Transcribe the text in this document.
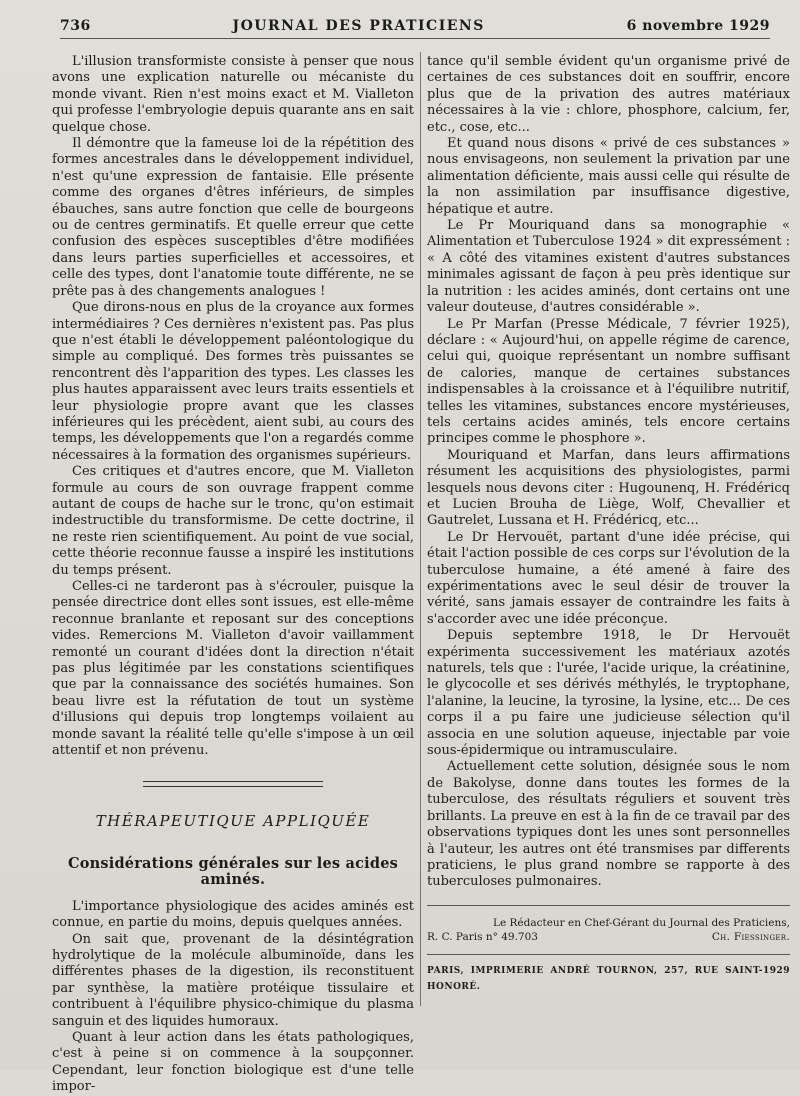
736	JOURNAL DES PRATICIENS	6 novembre 1929

L'illusion transformiste consiste à penser que nous avons une explication naturelle ou mécaniste du monde vivant. Rien n'est moins exact et M. Vialleton qui professe l'embryologie depuis quarante ans en sait quelque chose.

Il démontre que la fameuse loi de la répétition des formes ancestrales dans le développement individuel, n'est qu'une expression de fantaisie. Elle présente comme des organes d'êtres inférieurs, de simples ébauches, sans autre fonction que celle de bourgeons ou de centres germinatifs. Et quelle erreur que cette confusion des espèces susceptibles d'être modifiées dans leurs parties superficielles et accessoires, et celle des types, dont l'anatomie toute différente, ne se prête pas à des changements analogues !

Que dirons-nous en plus de la croyance aux formes intermédiaires ? Ces dernières n'existent pas. Pas plus que n'est établi le développement paléontologique du simple au compliqué. Des formes très puissantes se rencontrent dès l'apparition des types. Les classes les plus hautes apparaissent avec leurs traits essentiels et leur physiologie propre avant que les classes inférieures qui les précèdent, aient subi, au cours des temps, les développements que l'on a regardés comme nécessaires à la formation des organismes supérieurs.

Ces critiques et d'autres encore, que M. Vialleton formule au cours de son ouvrage frappent comme autant de coups de hache sur le tronc, qu'on estimait indestructible du transformisme. De cette doctrine, il ne reste rien scientifiquement. Au point de vue social, cette théorie reconnue fausse a inspiré les institutions du temps présent.

Celles-ci ne tarderont pas à s'écrouler, puisque la pensée directrice dont elles sont issues, est elle-même reconnue branlante et reposant sur des conceptions vides. Remercions M. Vialleton d'avoir vaillamment remonté un courant d'idées dont la direction n'était pas plus légitimée par les constations scientifiques que par la connaissance des sociétés humaines. Son beau livre est la réfutation de tout un système d'illusions qui depuis trop longtemps voilaient au monde savant la réalité telle qu'elle s'impose à un œil attentif et non prévenu.

THÉRAPEUTIQUE APPLIQUÉE
Considérations générales sur les acides aminés.

L'importance physiologique des acides aminés est connue, en partie du moins, depuis quelques années.

On sait que, provenant de la désintégration hydrolytique de la molécule albuminoïde, dans les différentes phases de la digestion, ils reconstituent par synthèse, la matière protéique tissulaire et contribuent à l'équilibre physico-chimique du plasma sanguin et des liquides humoraux.

Quant à leur action dans les états pathologiques, c'est à peine si on commence à la soupçonner. Cependant, leur fonction biologique est d'une telle impor-

tance qu'il semble évident qu'un organisme privé de certaines de ces substances doit en souffrir, encore plus que de la privation des autres matériaux nécessaires à la vie : chlore, phosphore, calcium, fer, etc., cose, etc...

Et quand nous disons « privé de ces substances » nous envisageons, non seulement la privation par une alimentation déficiente, mais aussi celle qui résulte de la non assimilation par insuffisance digestive, hépatique et autre.

Le Pr Mouriquand dans sa monographie « Alimentation et Tuberculose 1924 » dit expressément : « A côté des vitamines existent d'autres substances minimales agissant de façon à peu près identique sur la nutrition : les acides aminés, dont certains ont une valeur douteuse, d'autres considérable ».

Le Pr Marfan (Presse Médicale, 7 février 1925), déclare : « Aujourd'hui, on appelle régime de carence, celui qui, quoique représentant un nombre suffisant de calories, manque de certaines substances indispensables à la croissance et à l'équilibre nutritif, telles les vitamines, substances encore mystérieuses, tels certains acides aminés, tels encore certains principes comme le phosphore ».

Mouriquand et Marfan, dans leurs affirmations résument les acquisitions des physiologistes, parmi lesquels nous devons citer : Hugounenq, H. Frédéricq et Lucien Brouha de Liège, Wolf, Chevallier et Gautrelet, Lussana et H. Frédéricq, etc...

Le Dr Hervouët, partant d'une idée précise, qui était l'action possible de ces corps sur l'évolution de la tuberculose humaine, a été amené à faire des expérimentations avec le seul désir de trouver la vérité, sans jamais essayer de contraindre les faits à s'accorder avec une idée préconçue.

Depuis septembre 1918, le Dr Hervouët expérimenta successivement les matériaux azotés naturels, tels que : l'urée, l'acide urique, la créatinine, le glycocolle et ses dérivés méthylés, le tryptophane, l'alanine, la leucine, la tyrosine, la lysine, etc... De ces corps il a pu faire une judicieuse sélection qu'il associa en une solution aqueuse, injectable par voie sous-épidermique ou intramusculaire.

Actuellement cette solution, désignée sous le nom de Bakolyse, donne dans toutes les formes de la tuberculose, des résultats réguliers et souvent très brillants. La preuve en est à la fin de ce travail par des observations typiques dont les unes sont personnelles à l'auteur, les autres ont été transmises par differents praticiens, le plus grand nombre se rapporte à des tuberculoses pulmonaires.

Le Rédacteur en Chef-Gérant du Journal des Praticiens,
R. C. Paris n° 49.703	Ch. Fiessinger.
PARIS, IMPRIMERIE ANDRÉ TOURNON, 257, RUE SAINT-HONORÉ.
1929
